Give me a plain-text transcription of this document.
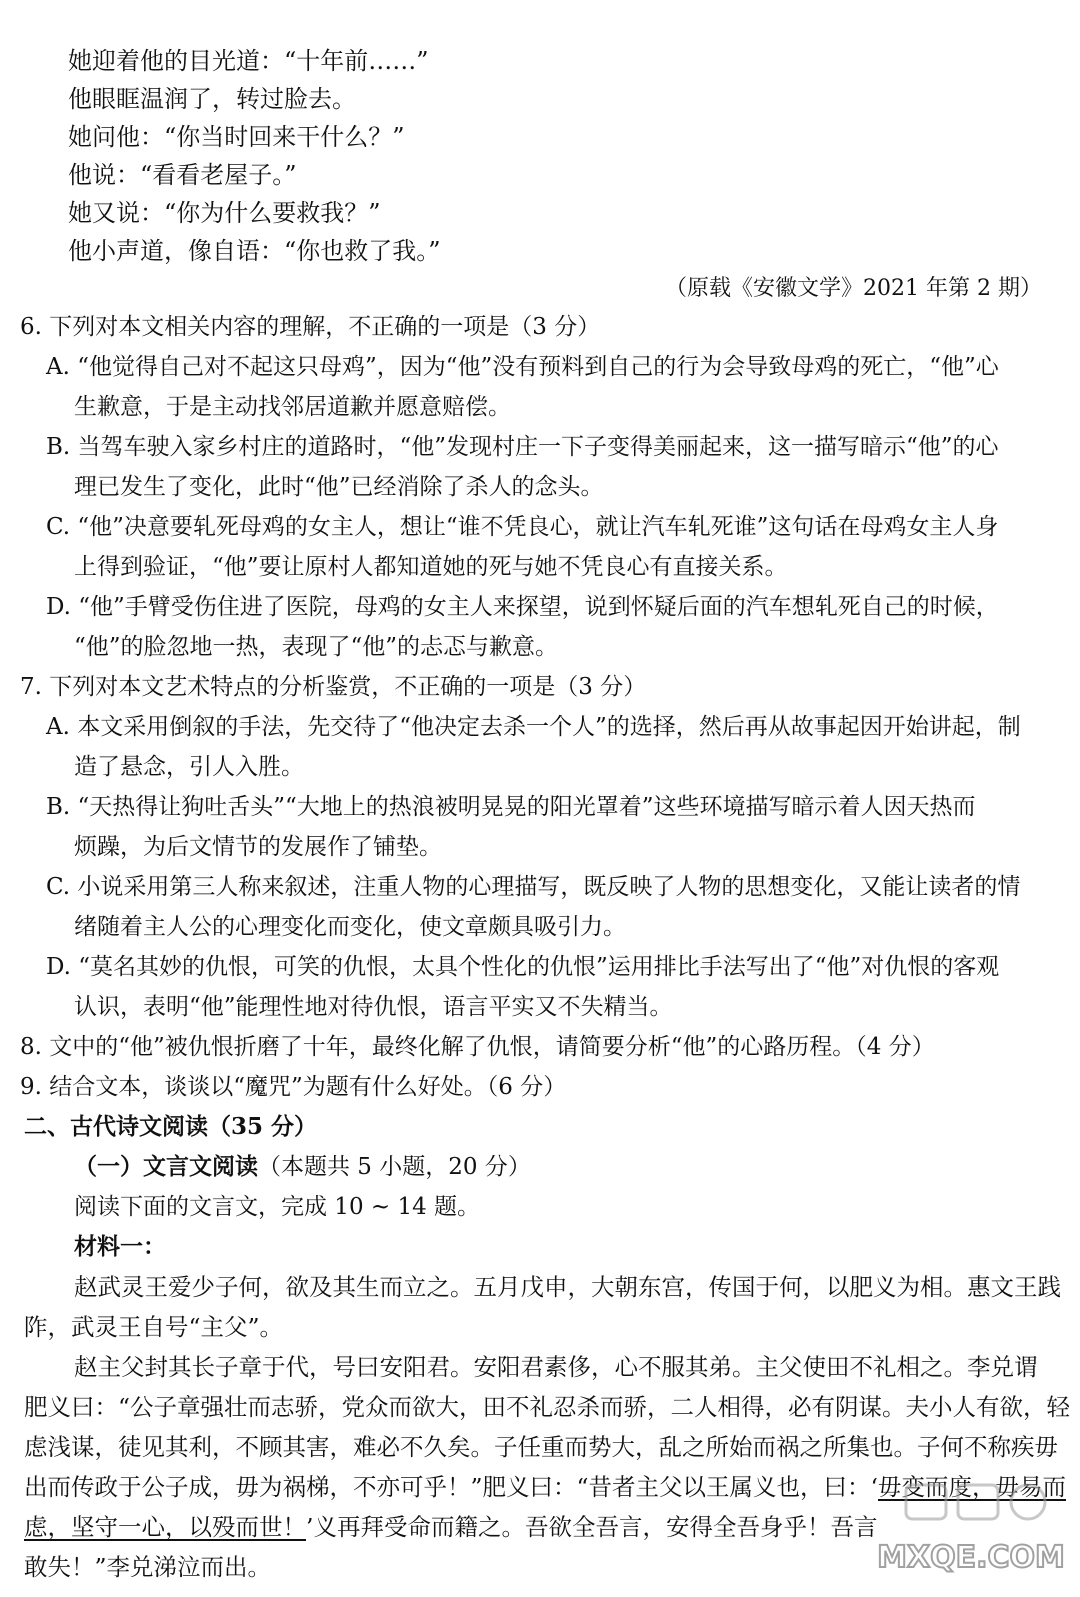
她迎着他的目光道：“十年前……”
他眼眶温润了，转过脸去。
她问他：“你当时回来干什么？”
他说：“看看老屋子。”
她又说：“你为什么要救我？”
他小声道，像自语：“你也救了我。”
（原载《安徽文学》2021 年第 2 期）
6. 下列对本文相关内容的理解，不正确的一项是（3 分）
A. “他觉得自己对不起这只母鸡”，因为“他”没有预料到自己的行为会导致母鸡的死亡，“他”心
生歉意，于是主动找邻居道歉并愿意赔偿。
B. 当驾车驶入家乡村庄的道路时，“他”发现村庄一下子变得美丽起来，这一描写暗示“他”的心
理已发生了变化，此时“他”已经消除了杀人的念头。
C. “他”决意要轧死母鸡的女主人，想让“谁不凭良心，就让汽车轧死谁”这句话在母鸡女主人身
上得到验证，“他”要让原村人都知道她的死与她不凭良心有直接关系。
D. “他”手臂受伤住进了医院，母鸡的女主人来探望，说到怀疑后面的汽车想轧死自己的时候，
“他”的脸忽地一热，表现了“他”的忐忑与歉意。
7. 下列对本文艺术特点的分析鉴赏，不正确的一项是（3 分）
A. 本文采用倒叙的手法，先交待了“他决定去杀一个人”的选择，然后再从故事起因开始讲起，制
造了悬念，引人入胜。
B. “天热得让狗吐舌头”“大地上的热浪被明晃晃的阳光罩着”这些环境描写暗示着人因天热而
烦躁，为后文情节的发展作了铺垫。
C. 小说采用第三人称来叙述，注重人物的心理描写，既反映了人物的思想变化，又能让读者的情
绪随着主人公的心理变化而变化，使文章颇具吸引力。
D. “莫名其妙的仇恨，可笑的仇恨，太具个性化的仇恨”运用排比手法写出了“他”对仇恨的客观
认识，表明“他”能理性地对待仇恨，语言平实又不失精当。
8. 文中的“他”被仇恨折磨了十年，最终化解了仇恨，请简要分析“他”的心路历程。（4 分）
9. 结合文本，谈谈以“魔咒”为题有什么好处。（6 分）
二、古代诗文阅读（35 分）
（一）文言文阅读（本题共 5 小题，20 分）
阅读下面的文言文，完成 10 ~ 14 题。
材料一：
赵武灵王爱少子何，欲及其生而立之。五月戊申，大朝东宫，传国于何，以肥义为相。惠文王践
阼，武灵王自号“主父”。
赵主父封其长子章于代，号曰安阳君。安阳君素侈，心不服其弟。主父使田不礼相之。李兑谓
肥义曰：“公子章强壮而志骄，党众而欲大，田不礼忍杀而骄，二人相得，必有阴谋。夫小人有欲，轻
虑浅谋，徒见其利，不顾其害，难必不久矣。子任重而势大，乱之所始而祸之所集也。子何不称疾毋
出而传政于公子成，毋为祸梯，不亦可乎！”肥义曰：“昔者主父以王属义也，曰：‘毋变而度，毋易而
虑，坚守一心，以殁而世！’义再拜受命而籍之。吾欲全吾言，安得全吾身乎！吾言
敢失！”李兑涕泣而出。	MXQE.COM
